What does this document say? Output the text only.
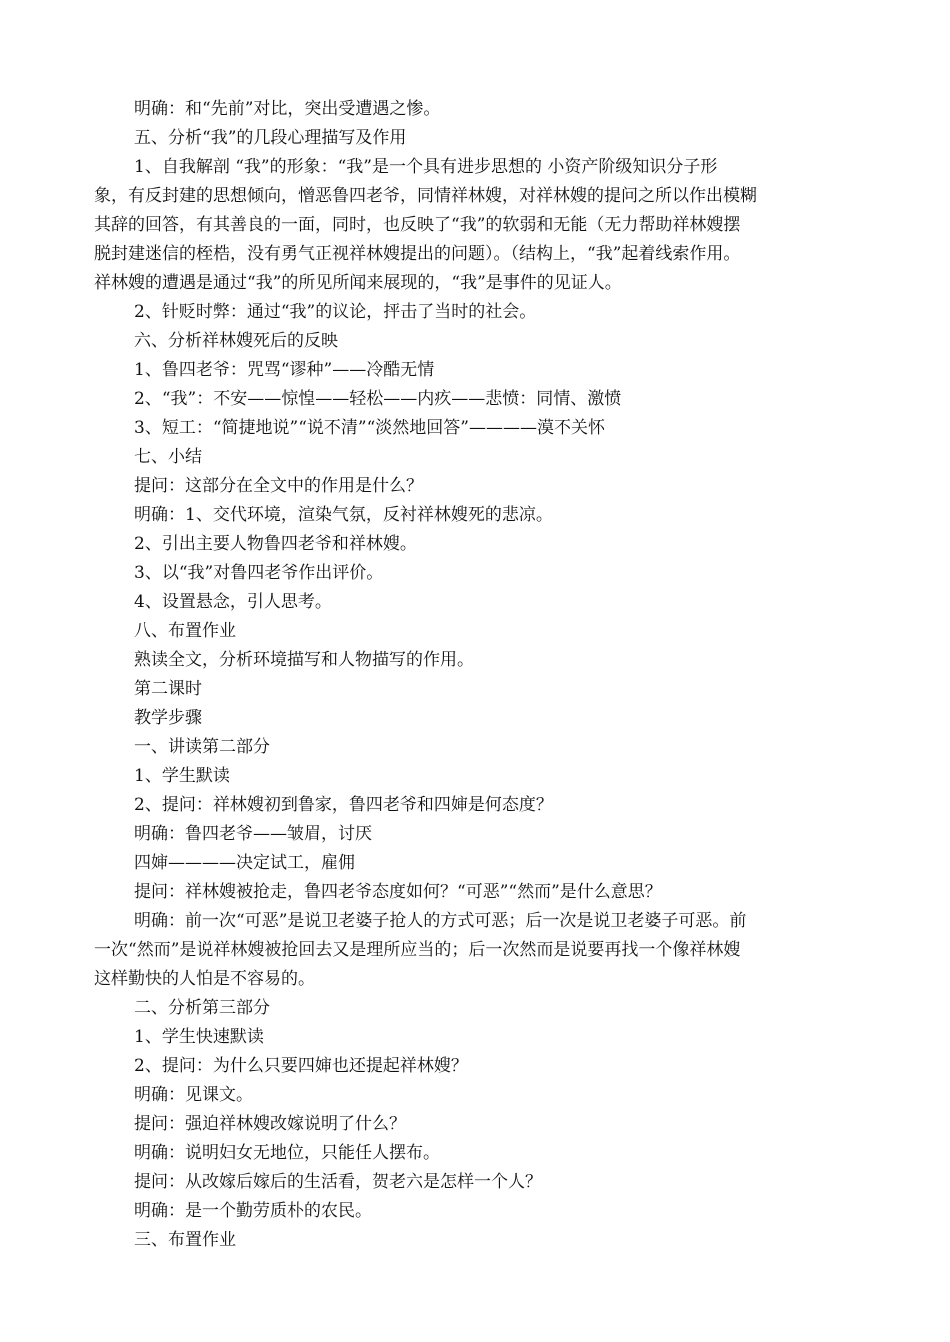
明确：和“先前”对比，突出受遭遇之惨。
五、分析“我”的几段心理描写及作用
1、自我解剖 “我”的形象：“我”是一个具有进步思想的 小资产阶级知识分子形
象，有反封建的思想倾向，憎恶鲁四老爷，同情祥林嫂，对祥林嫂的提问之所以作出模糊
其辞的回答，有其善良的一面，同时，也反映了“我”的软弱和无能（无力帮助祥林嫂摆
脱封建迷信的桎梏，没有勇气正视祥林嫂提出的问题）。（结构上，“我”起着线索作用。
祥林嫂的遭遇是通过“我”的所见所闻来展现的，“我”是事件的见证人。
2、针贬时弊：通过“我”的议论，抨击了当时的社会。
六、分析祥林嫂死后的反映
1、鲁四老爷：咒骂“谬种”——冷酷无情
2、“我”：不安——惊惶——轻松——内疚——悲愤：同情、激愤
3、短工：“简捷地说”“说不清”“淡然地回答”————漠不关怀
七、小结
提问：这部分在全文中的作用是什么？
明确：1、交代环境，渲染气氛，反衬祥林嫂死的悲凉。
2、引出主要人物鲁四老爷和祥林嫂。
3、以“我”对鲁四老爷作出评价。
4、设置悬念，引人思考。
八、布置作业
熟读全文，分析环境描写和人物描写的作用。
第二课时
教学步骤
一、讲读第二部分
1、学生默读
2、提问：祥林嫂初到鲁家，鲁四老爷和四婶是何态度？
明确：鲁四老爷——皱眉，讨厌
四婶————决定试工，雇佣
提问：祥林嫂被抢走，鲁四老爷态度如何？“可恶”“然而”是什么意思？
明确：前一次“可恶”是说卫老婆子抢人的方式可恶；后一次是说卫老婆子可恶。前
一次“然而”是说祥林嫂被抢回去又是理所应当的；后一次然而是说要再找一个像祥林嫂
这样勤快的人怕是不容易的。
二、分析第三部分
1、学生快速默读
2、提问：为什么只要四婶也还提起祥林嫂？
明确：见课文。
提问：强迫祥林嫂改嫁说明了什么？
明确：说明妇女无地位，只能任人摆布。
提问：从改嫁后嫁后的生活看，贺老六是怎样一个人？
明确：是一个勤劳质朴的农民。
三、布置作业
